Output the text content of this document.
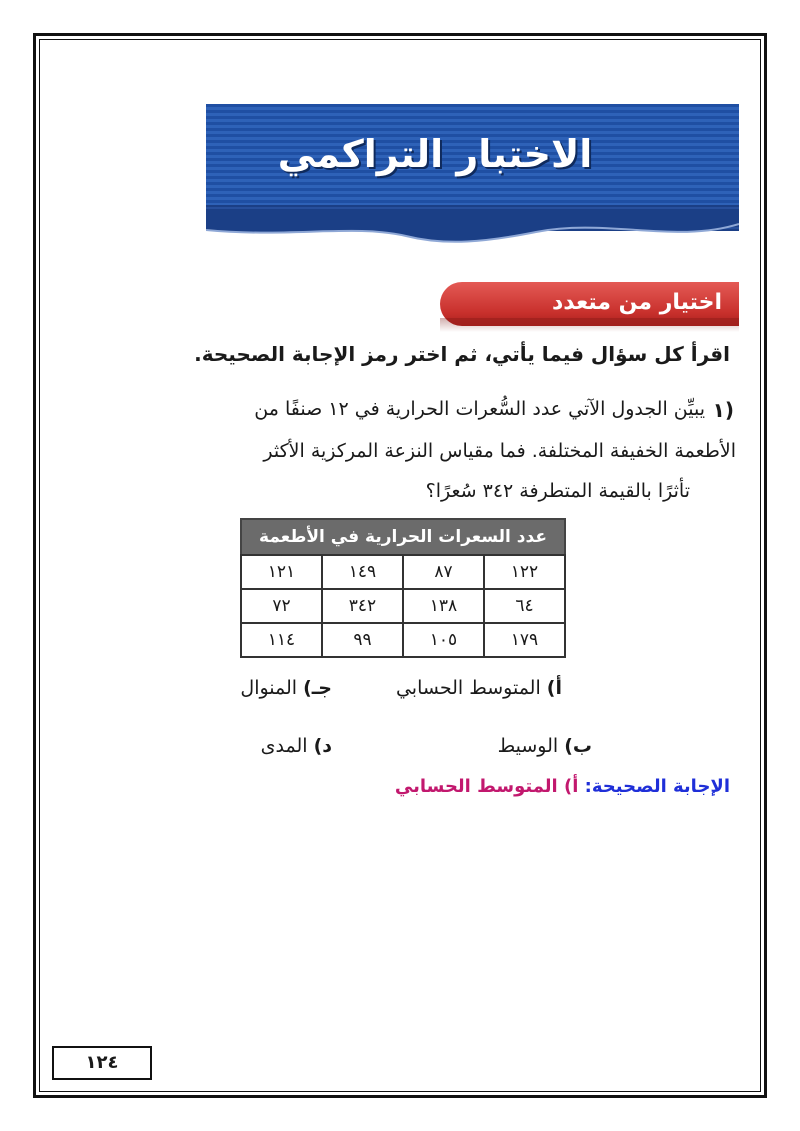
الاختبار التراكمي
اختيار من متعدد
اقرأ كل سؤال فيما يأتي، ثم اختر رمز الإجابة الصحيحة.
١)
يبيِّن الجدول الآتي عدد السُّعرات الحرارية في ١٢ صنفًا من
الأطعمة الخفيفة المختلفة. فما مقياس النزعة المركزية الأكثر
تأثرًا بالقيمة المتطرفة ٣٤٢ سُعرًا؟
عدد السعرات الحرارية في الأطعمة
١٢٢	٨٧	١٤٩	١٢١
٦٤	١٣٨	٣٤٢	٧٢
١٧٩	١٠٥	٩٩	١١٤
أ) المتوسط الحسابي
جـ) المنوال
ب) الوسيط
د) المدى
الإجابة الصحيحة: أ) المتوسط الحسابي
١٢٤
